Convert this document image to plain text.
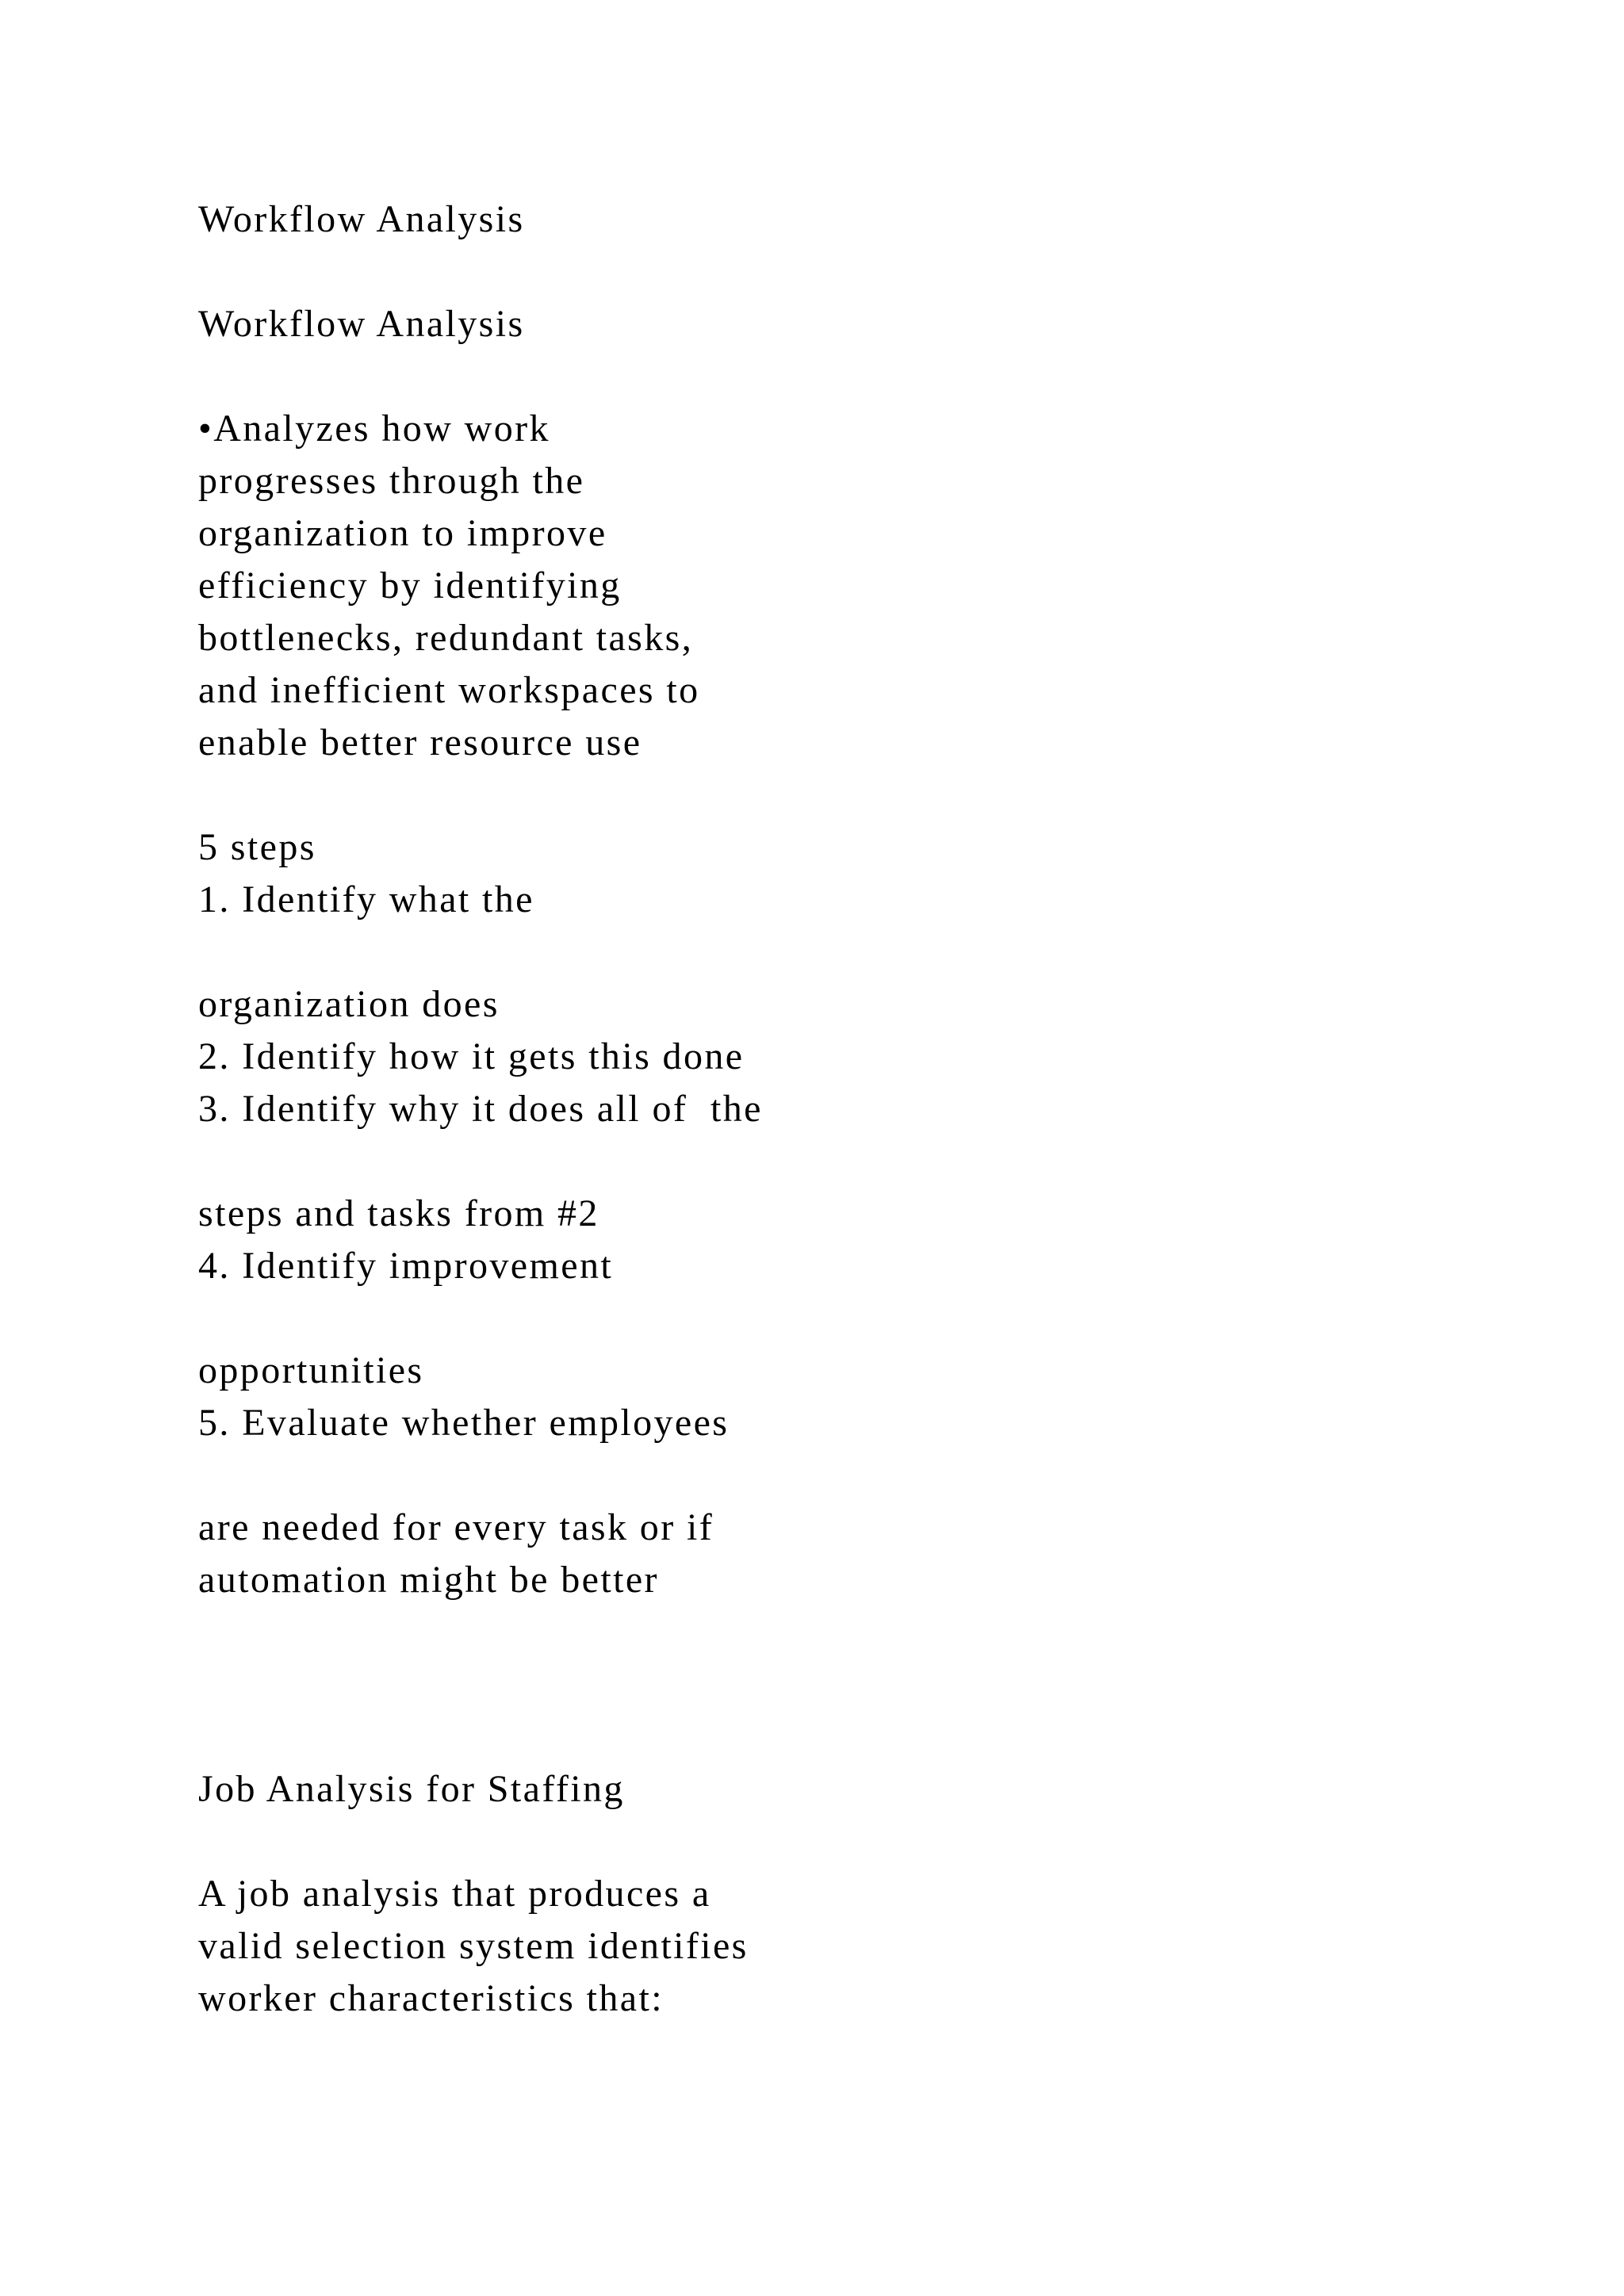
Workflow Analysis
Workflow Analysis
•Analyzes how work
progresses through the
organization to improve
efficiency by identifying
bottlenecks, redundant tasks,
and inefficient workspaces to
enable better resource use
5 steps
1. Identify what the
organization does
2. Identify how it gets this done
3. Identify why it does all of  the
steps and tasks from #2
4. Identify improvement
opportunities
5. Evaluate whether employees
are needed for every task or if
automation might be better
Job Analysis for Staffing
A job analysis that produces a
valid selection system identifies
worker characteristics that:
